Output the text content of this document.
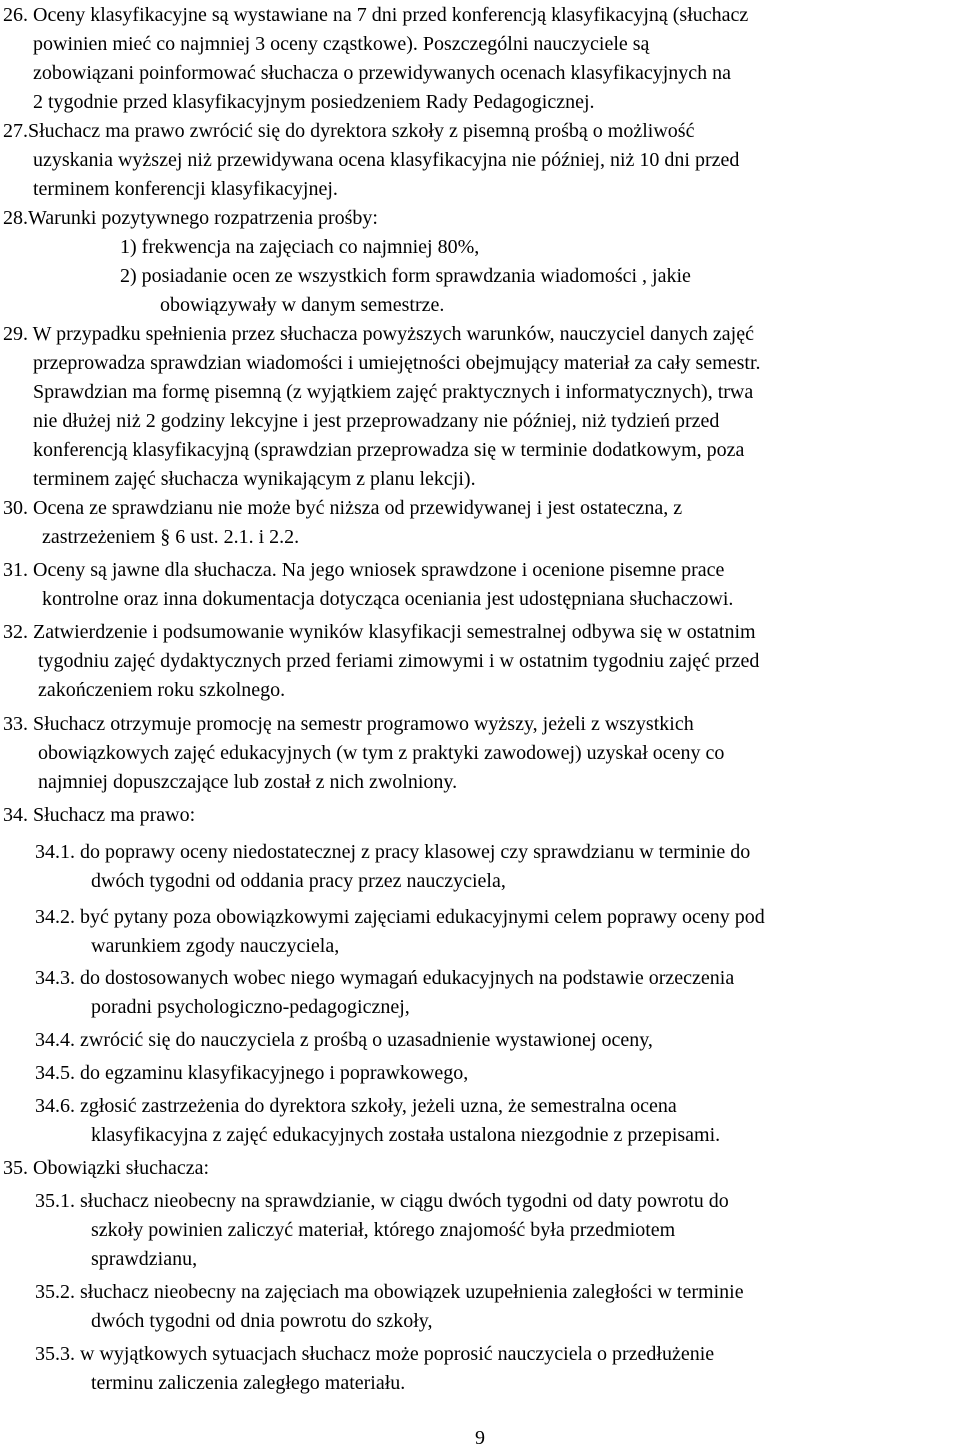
26. Oceny klasyfikacyjne są wystawiane na 7 dni przed konferencją klasyfikacyjną (słuchacz
powinien mieć co najmniej 3 oceny cząstkowe). Poszczególni nauczyciele są
zobowiązani poinformować słuchacza o przewidywanych ocenach klasyfikacyjnych na
2 tygodnie przed klasyfikacyjnym posiedzeniem Rady Pedagogicznej.
27.Słuchacz ma prawo zwrócić się do dyrektora szkoły z pisemną prośbą o możliwość
uzyskania wyższej niż przewidywana ocena klasyfikacyjna nie później, niż 10 dni przed
terminem konferencji klasyfikacyjnej.
28.Warunki pozytywnego rozpatrzenia prośby:
1) frekwencja na zajęciach co najmniej 80%,
2) posiadanie ocen ze wszystkich form sprawdzania wiadomości , jakie
obowiązywały w danym semestrze.
29. W przypadku spełnienia przez słuchacza powyższych warunków, nauczyciel danych zajęć
przeprowadza sprawdzian wiadomości i umiejętności obejmujący materiał za cały semestr.
Sprawdzian ma formę pisemną (z wyjątkiem zajęć praktycznych i informatycznych), trwa
nie dłużej niż 2 godziny lekcyjne i jest przeprowadzany nie później, niż tydzień przed
konferencją klasyfikacyjną (sprawdzian przeprowadza się w terminie dodatkowym, poza
terminem zajęć słuchacza wynikającym z planu lekcji).
30. Ocena ze sprawdzianu nie może być niższa od przewidywanej i jest ostateczna, z
zastrzeżeniem § 6 ust. 2.1. i 2.2.
31. Oceny są jawne dla słuchacza. Na jego wniosek sprawdzone i ocenione pisemne prace
kontrolne oraz inna dokumentacja dotycząca oceniania jest udostępniana słuchaczowi.
32. Zatwierdzenie i podsumowanie wyników klasyfikacji semestralnej odbywa się w ostatnim
tygodniu zajęć dydaktycznych przed feriami zimowymi i w ostatnim tygodniu zajęć przed
zakończeniem roku szkolnego.
33. Słuchacz otrzymuje promocję na semestr programowo wyższy, jeżeli z wszystkich
obowiązkowych zajęć edukacyjnych (w tym z praktyki zawodowej) uzyskał oceny co
najmniej dopuszczające lub został z nich zwolniony.
34. Słuchacz ma prawo:
34.1. do poprawy oceny niedostatecznej z pracy klasowej czy sprawdzianu w terminie do
dwóch tygodni od oddania pracy przez nauczyciela,
34.2. być pytany poza obowiązkowymi zajęciami edukacyjnymi celem poprawy oceny pod
warunkiem zgody nauczyciela,
34.3. do dostosowanych wobec niego wymagań edukacyjnych na podstawie orzeczenia
poradni psychologiczno-pedagogicznej,
34.4. zwrócić się do nauczyciela z prośbą o uzasadnienie wystawionej oceny,
34.5. do egzaminu klasyfikacyjnego i poprawkowego,
34.6. zgłosić zastrzeżenia do dyrektora szkoły, jeżeli uzna, że semestralna ocena
klasyfikacyjna z zajęć edukacyjnych została ustalona niezgodnie z przepisami.
35. Obowiązki słuchacza:
35.1. słuchacz nieobecny na sprawdzianie, w ciągu dwóch tygodni od daty powrotu do
szkoły powinien zaliczyć materiał, którego znajomość była przedmiotem
sprawdzianu,
35.2. słuchacz nieobecny na zajęciach ma obowiązek uzupełnienia zaległości w terminie
dwóch tygodni od dnia powrotu do szkoły,
35.3. w wyjątkowych sytuacjach słuchacz może poprosić nauczyciela o przedłużenie
terminu zaliczenia zaległego materiału.
9
